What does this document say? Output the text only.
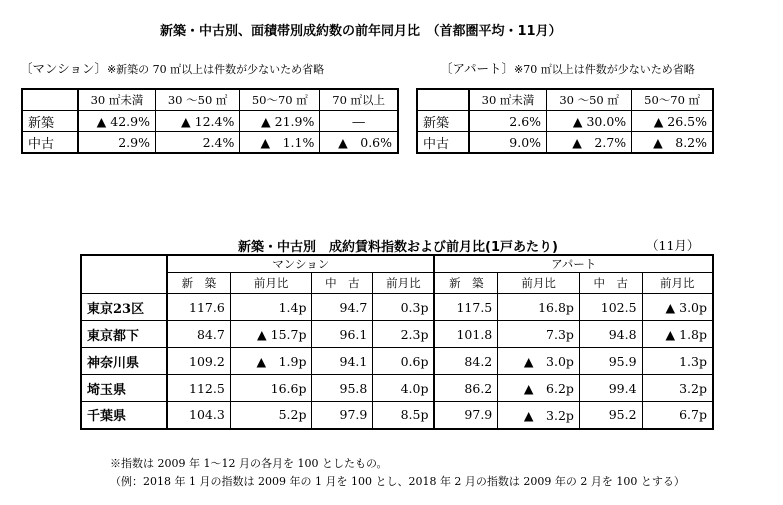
新築・中古別、面積帯別成約数の前年同月比　（首都圏平均・11月）
〔マンション〕※新築の 70 ㎡以上は件数が少ないため省略	〔アパート〕※70 ㎡以上は件数が少ないため省略
	30 ㎡未満	30 ～50 ㎡	50～70 ㎡	70 ㎡以上
新築	▲ 42.9%	▲ 12.4%	▲ 21.9%	―
中古	2.9%	2.4%	▲　1.1%	▲　0.6%
	30 ㎡未満	30 ～50 ㎡	50～70 ㎡
新築	2.6%	▲ 30.0%	▲ 26.5%
中古	9.0%	▲　2.7%	▲　8.2%
新築・中古別　成約賃料指数および前月比(1戸あたり)	（11月）
	マンション				アパート			
	新　築	前月比	中　古	前月比	新　築	前月比	中　古	前月比
東京23区	117.6	1.4p	94.7	0.3p	117.5	16.8p	102.5	▲ 3.0p
東京都下	84.7	▲ 15.7p	96.1	2.3p	101.8	7.3p	94.8	▲ 1.8p
神奈川県	109.2	▲　1.9p	94.1	0.6p	84.2	▲　3.0p	95.9	1.3p
埼玉県	112.5	16.6p	95.8	4.0p	86.2	▲　6.2p	99.4	3.2p
千葉県	104.3	5.2p	97.9	8.5p	97.9	▲　3.2p	95.2	6.7p
※指数は 2009 年 1～12 月の各月を 100 としたもの。
（例：2018 年 1 月の指数は 2009 年の 1 月を 100 とし、2018 年 2 月の指数は 2009 年の 2 月を 100 とする）
